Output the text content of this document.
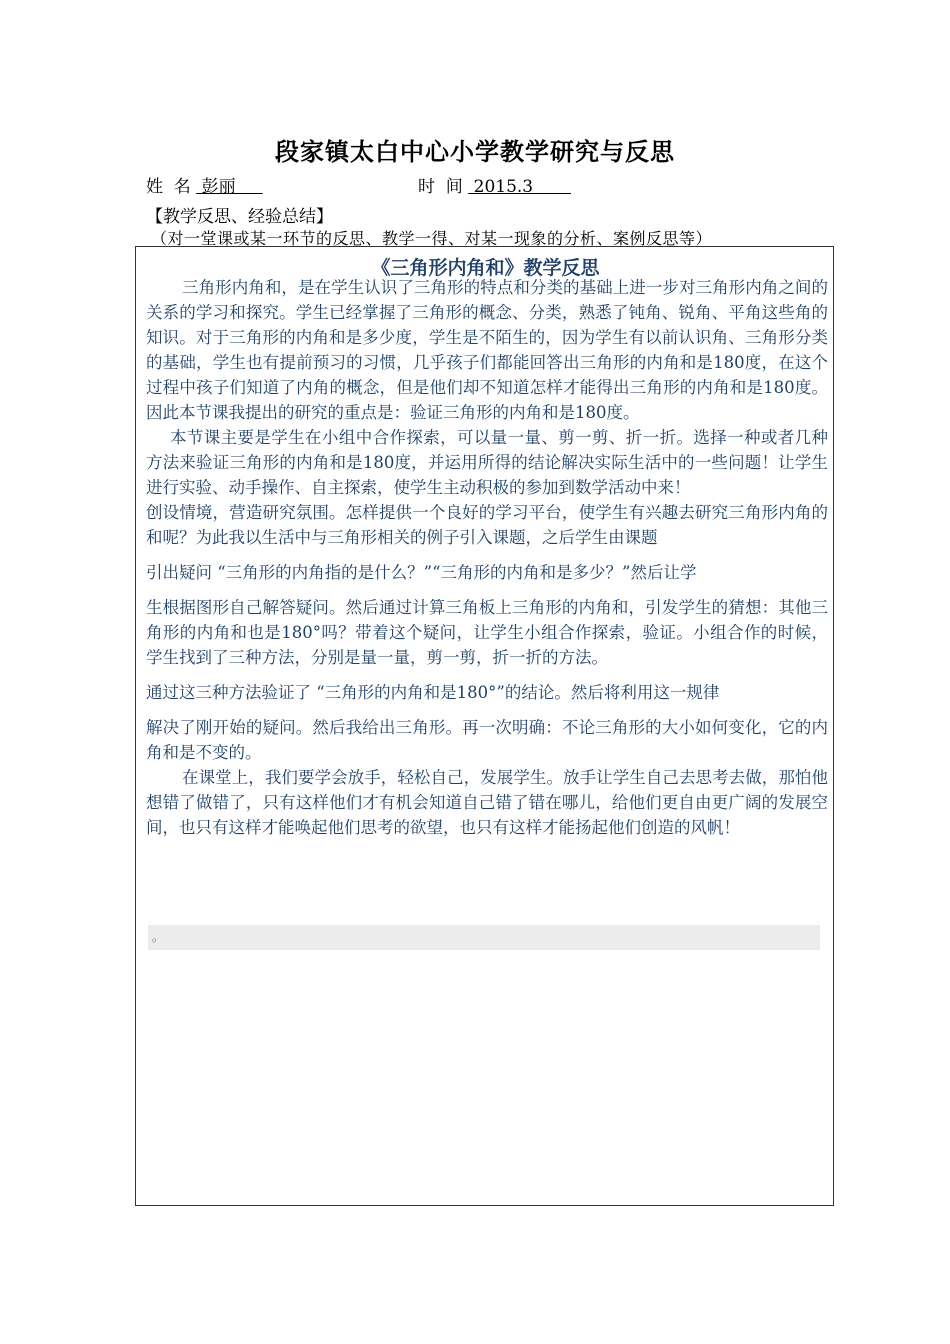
段家镇太白中心小学教学研究与反思
姓  名  彭丽	时  间  2015.3
【教学反思、经验总结】
（对一堂课或某一环节的反思、教学一得、对某一现象的分析、案例反思等）
《三角形内角和》教学反思

三角形内角和，是在学生认识了三角形的特点和分类的基础上进一步对三角形内角之间的关系的学习和探究。学生已经掌握了三角形的概念、分类，熟悉了钝角、锐角、平角这些角的知识。对于三角形的内角和是多少度，学生是不陌生的，因为学生有以前认识角、三角形分类的基础，学生也有提前预习的习惯，几乎孩子们都能回答出三角形的内角和是180度，在这个过程中孩子们知道了内角的概念，但是他们却不知道怎样才能得出三角形的内角和是180度。因此本节课我提出的研究的重点是：验证三角形的内角和是180度。

本节课主要是学生在小组中合作探索，可以量一量、剪一剪、折一折。选择一种或者几种方法来验证三角形的内角和是180度，并运用所得的结论解决实际生活中的一些问题！让学生进行实验、动手操作、自主探索，使学生主动积极的参加到数学活动中来！

创设情境，营造研究氛围。怎样提供一个良好的学习平台，使学生有兴趣去研究三角形内角的和呢？为此我以生活中与三角形相关的例子引入课题，之后学生由课题

引出疑问 “三角形的内角指的是什么？”“三角形的内角和是多少？”然后让学

生根据图形自己解答疑问。然后通过计算三角板上三角形的内角和，引发学生的猜想：其他三角形的内角和也是180°吗？带着这个疑问，让学生小组合作探索，验证。小组合作的时候，学生找到了三种方法，分别是量一量，剪一剪，折一折的方法。

通过这三种方法验证了 “三角形的内角和是180°”的结论。然后将利用这一规律

解决了刚开始的疑问。然后我给出三角形。再一次明确：不论三角形的大小如何变化，它的内角和是不变的。

在课堂上，我们要学会放手，轻松自己，发展学生。放手让学生自己去思考去做，那怕他想错了做错了，只有这样他们才有机会知道自己错了错在哪儿，给他们更自由更广阔的发展空间，也只有这样才能唤起他们思考的欲望，也只有这样才能扬起他们创造的风帆！

。
